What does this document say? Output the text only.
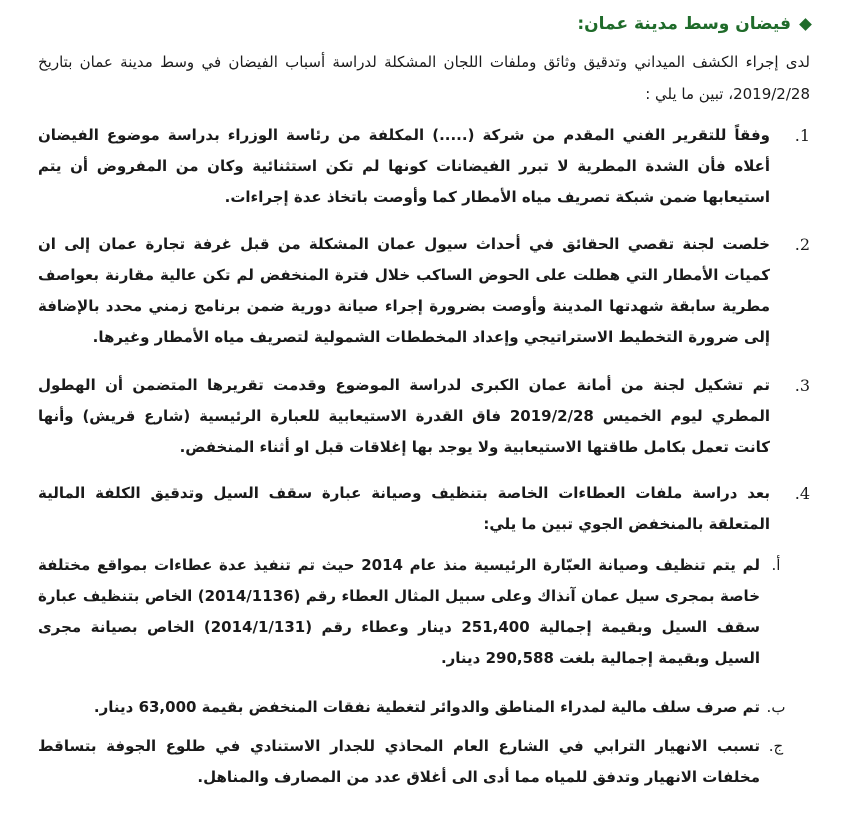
فيضان وسط مدينة عمان:
لدى إجراء الكشف الميداني وتدقيق وثائق وملفات اللجان المشكلة لدراسة أسباب الفيضان في وسط مدينة عمان بتاريخ 2019/2/28، تبين ما يلي :
1.
وفقاً للتقرير الفني المقدم من شركة (.....) المكلفة من رئاسة الوزراء بدراسة موضوع الفيضان أعلاه فأن الشدة المطرية لا تبرر الفيضانات كونها لم تكن استثنائية وكان من المفروض أن يتم استيعابها ضمن شبكة تصريف مياه الأمطار كما وأوصت باتخاذ عدة إجراءات.
2.
خلصت لجنة تقصي الحقائق في أحداث سيول عمان المشكلة من قبل غرفة تجارة عمان إلى ان كميات الأمطار التي هطلت على الحوض الساكب خلال فترة المنخفض لم تكن عالية مقارنة بعواصف مطرية سابقة شهدتها المدينة وأوصت بضرورة إجراء صيانة دورية ضمن برنامج زمني محدد بالإضافة إلى ضرورة التخطيط الاستراتيجي وإعداد المخططات الشمولية لتصريف مياه الأمطار وغيرها.
3.
تم تشكيل لجنة من أمانة عمان الكبرى لدراسة الموضوع وقدمت تقريرها المتضمن أن الهطول المطري ليوم الخميس 2019/2/28 فاق القدرة الاستيعابية للعبارة الرئيسية (شارع قريش) وأنها كانت تعمل بكامل طاقتها الاستيعابية ولا يوجد بها إغلاقات قبل او أثناء المنخفض.
4.
بعد دراسة ملفات العطاءات الخاصة بتنظيف وصيانة عبارة سقف السيل وتدقيق الكلفة المالية المتعلقة بالمنخفض الجوي تبين ما يلي:
أ.
لم يتم تنظيف وصيانة العبّارة الرئيسية منذ عام 2014 حيث تم تنفيذ عدة عطاءات بمواقع مختلفة خاصة بمجرى سيل عمان آنذاك وعلى سبيل المثال العطاء رقم (2014/1136) الخاص بتنظيف عبارة سقف السيل وبقيمة إجمالية 251,400 دينار وعطاء رقم (2014/1/131) الخاص بصيانة مجرى السيل وبقيمة إجمالية بلغت 290,588 دينار.
ب.
تم صرف سلف مالية لمدراء المناطق والدوائر لتغطية نفقات المنخفض بقيمة 63,000 دينار.
ج.
تسبب الانهيار الترابي في الشارع العام المحاذي للجدار الاستنادي في طلوع الجوفة بتساقط مخلفات الانهيار وتدفق للمياه مما أدى الى أغلاق عدد من المصارف والمناهل.
